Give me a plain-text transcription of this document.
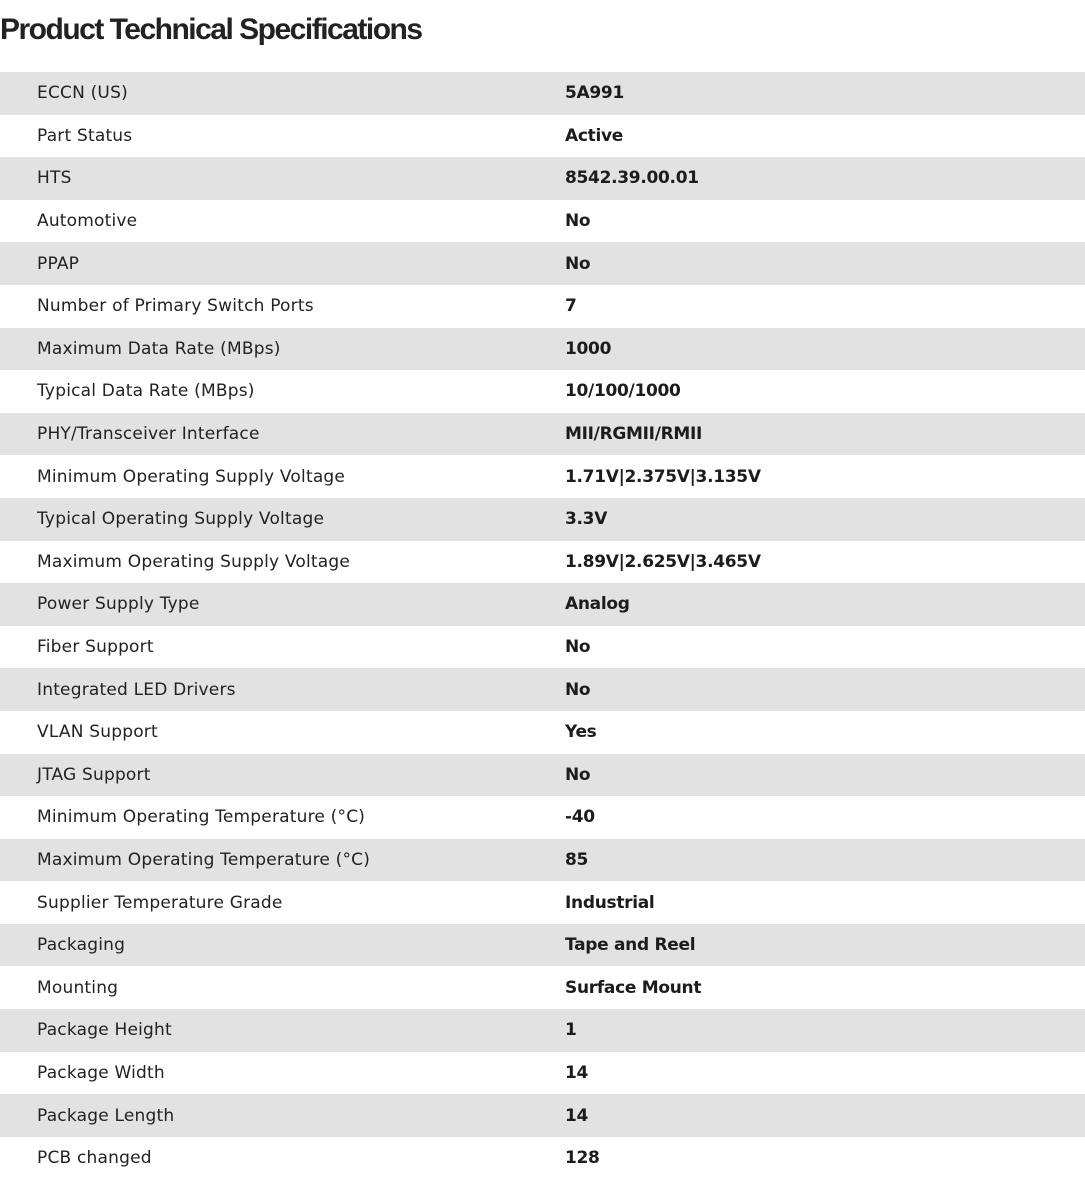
Product Technical Specifications
ECCN (US)	5A991
Part Status	Active
HTS	8542.39.00.01
Automotive	No
PPAP	No
Number of Primary Switch Ports	7
Maximum Data Rate (MBps)	1000
Typical Data Rate (MBps)	10/100/1000
PHY/Transceiver Interface	MII/RGMII/RMII
Minimum Operating Supply Voltage	1.71V|2.375V|3.135V
Typical Operating Supply Voltage	3.3V
Maximum Operating Supply Voltage	1.89V|2.625V|3.465V
Power Supply Type	Analog
Fiber Support	No
Integrated LED Drivers	No
VLAN Support	Yes
JTAG Support	No
Minimum Operating Temperature (°C)	-40
Maximum Operating Temperature (°C)	85
Supplier Temperature Grade	Industrial
Packaging	Tape and Reel
Mounting	Surface Mount
Package Height	1
Package Width	14
Package Length	14
PCB changed	128
